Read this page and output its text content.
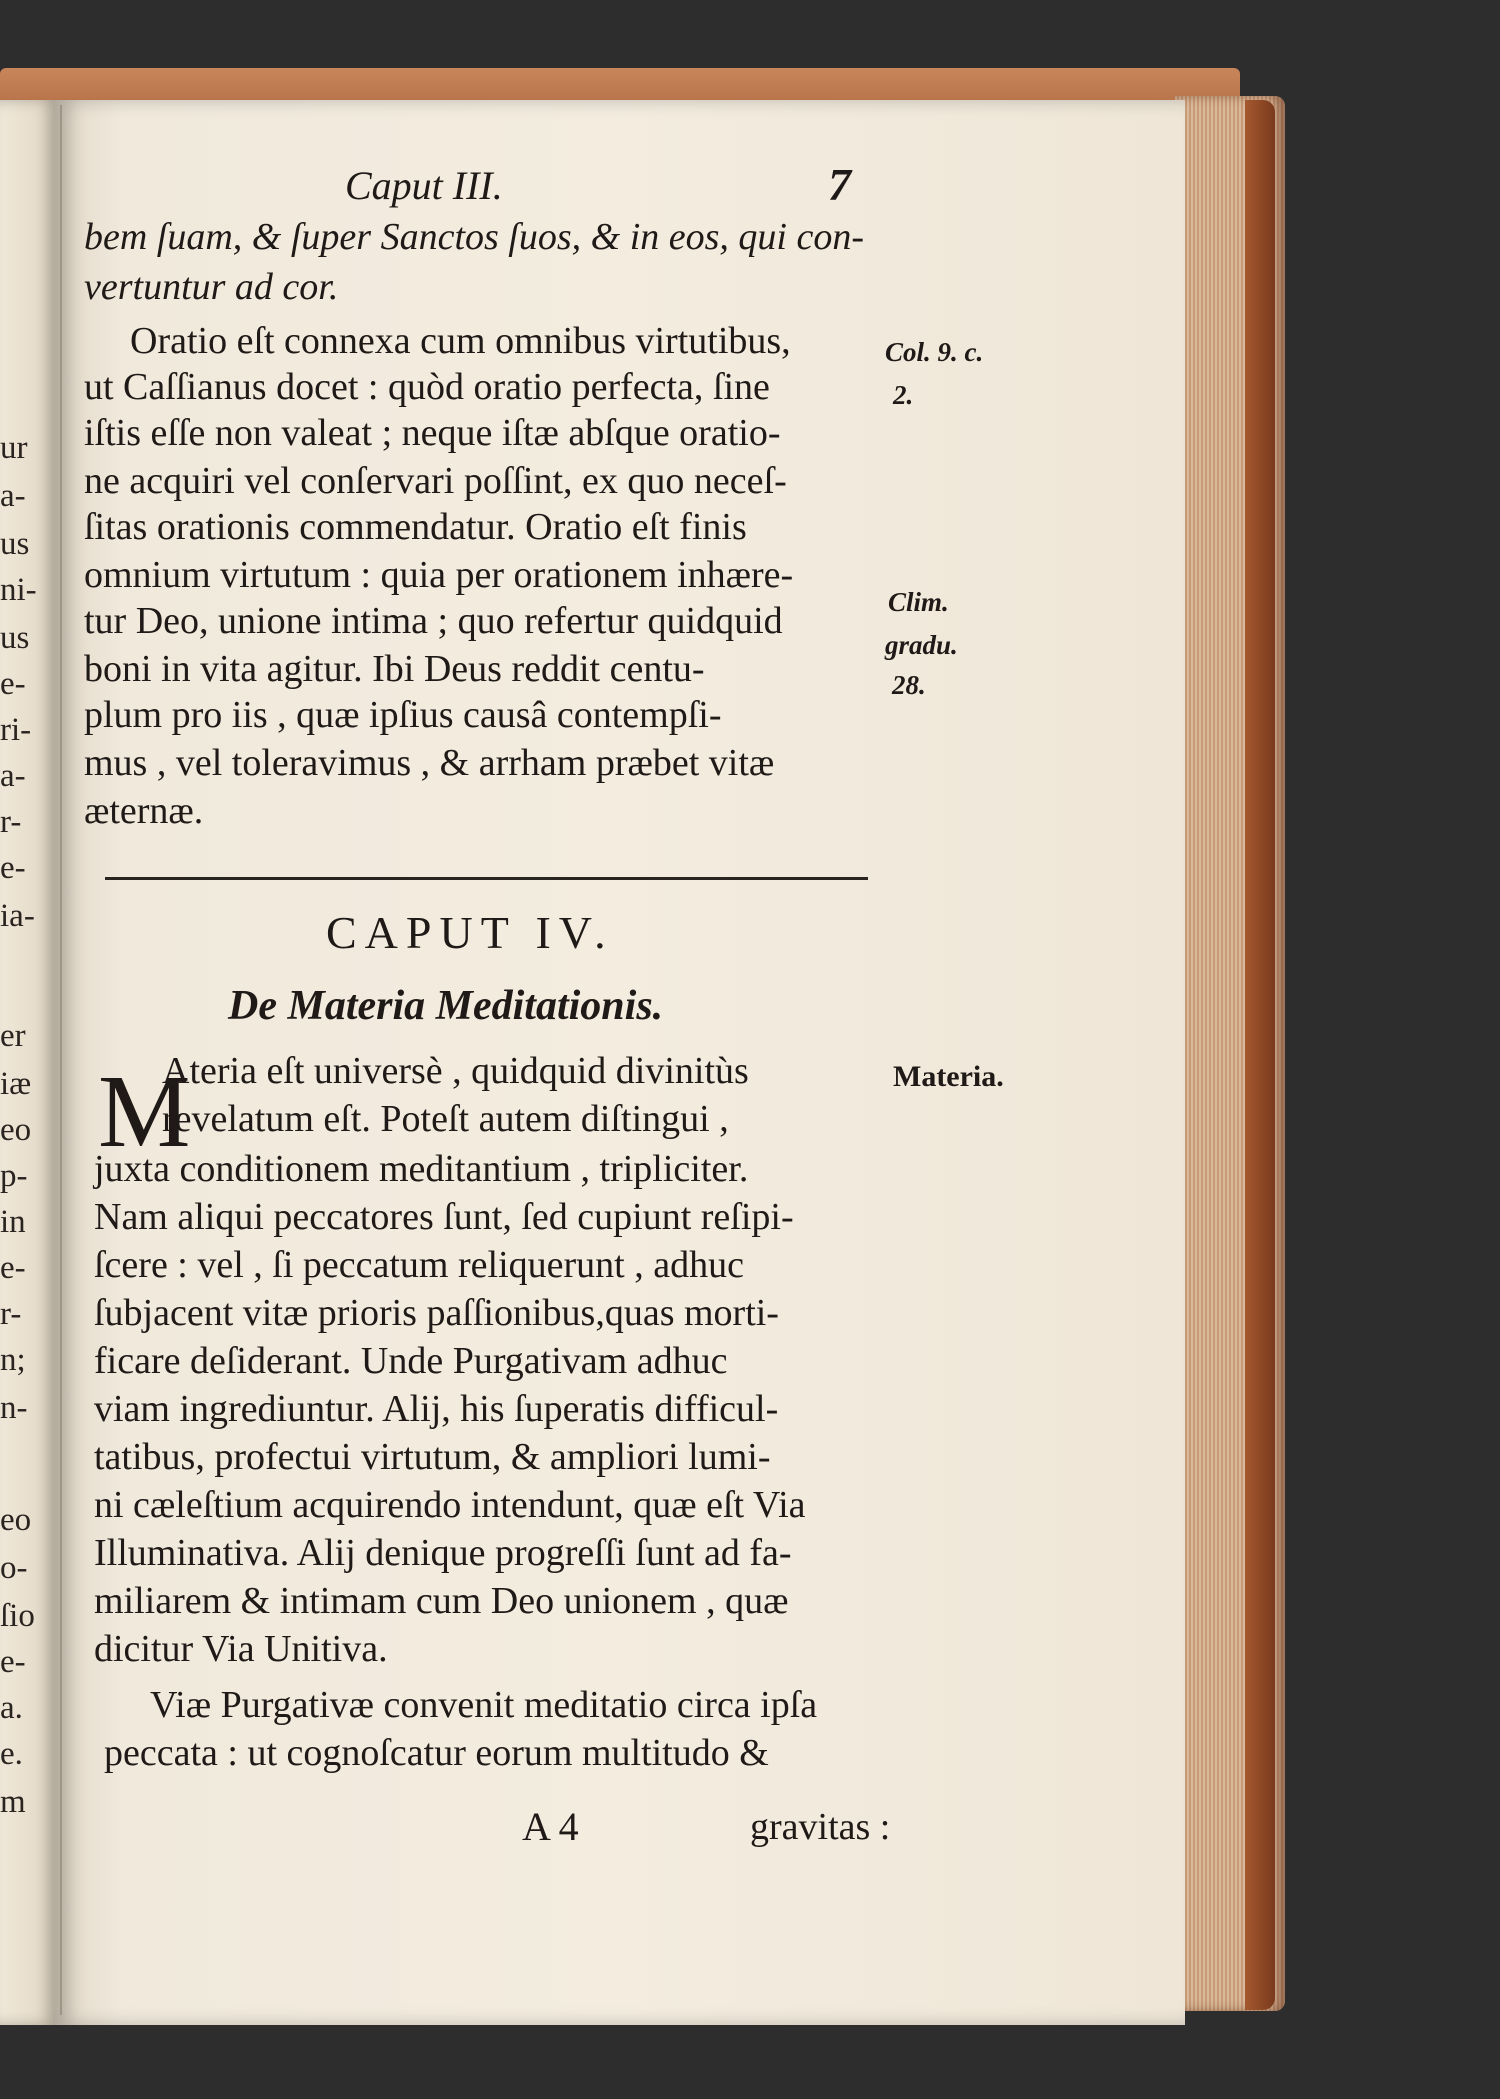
ur
a-
us
ni-
us
e-
ri-
a-
r-
e-
ia-
er
iæ
eo
p-
in
e-
r-
n;
n-
eo
o-
ſio
e-
a.
e.
m
Caput III.	7
bem ſuam, & ſuper Sanctos ſuos, & in eos, qui con-
vertuntur ad cor.
Oratio eſt connexa cum omnibus virtutibus,
ut Caſſianus docet : quòd oratio perfecta, ſine
iſtis eſſe non valeat ; neque iſtæ abſque oratio-
ne acquiri vel conſervari poſſint, ex quo neceſ-
ſitas orationis commendatur. Oratio eſt finis
omnium virtutum : quia per orationem inhære-
tur Deo, unione intima ; quo refertur quidquid
boni in vita agitur. Ibi Deus reddit centu-
plum pro iis , quæ ipſius causâ contempſi-
mus , vel toleravimus , & arrham præbet vitæ
æternæ.
Ateria eſt universè , quidquid divinitùs
revelatum eſt. Poteſt autem diſtingui ,
juxta conditionem meditantium , tripliciter.
Nam aliqui peccatores ſunt, ſed cupiunt reſipi-
ſcere : vel , ſi peccatum reliquerunt , adhuc
ſubjacent vitæ prioris paſſionibus,quas morti-
ficare deſiderant. Unde Purgativam adhuc
viam ingrediuntur. Alij, his ſuperatis difficul-
tatibus, profectui virtutum, & ampliori lumi-
ni cæleſtium acquirendo intendunt, quæ eſt Via
Illuminativa. Alij denique progreſſi ſunt ad fa-
miliarem & intimam cum Deo unionem , quæ
dicitur Via Unitiva.
Viæ Purgativæ convenit meditatio circa ipſa
peccata : ut cognoſcatur eorum multitudo &
Col. 9. c.
2.
Clim.
gradu.
28.
Materia.
CAPUT IV.
De Materia Meditationis.
M
A 4	gravitas :
